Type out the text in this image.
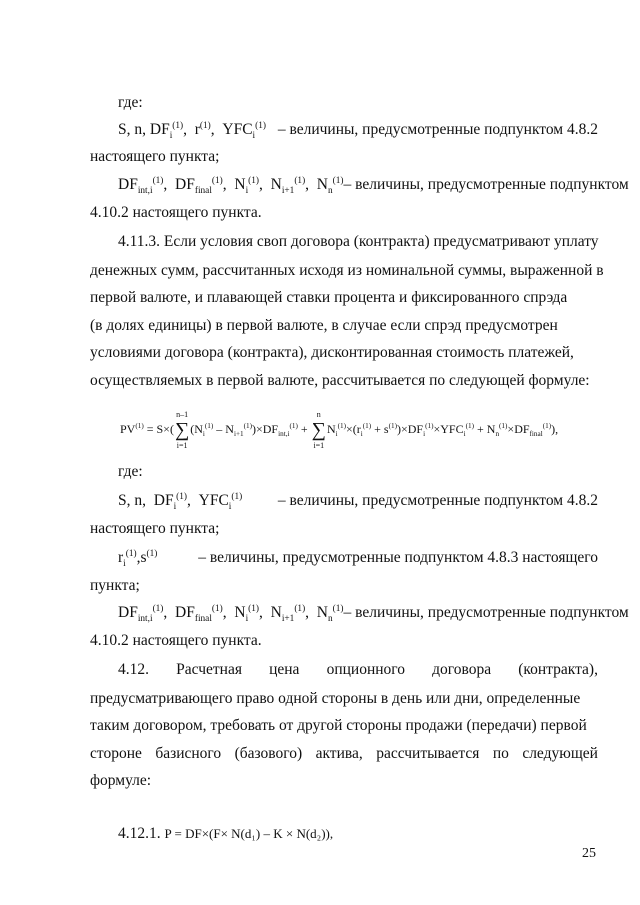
где:
S, n, $DF_i^{(1)}$,  $r^{(1)}$,  $YFC_i^{(1)}$ – величины, предусмотренные подпунктом 4.8.2
настоящего пункта;
$DF_{int,i}^{(1)}$,  $DF_{final}^{(1)}$,  $N_i^{(1)}$,  $N_{i+1}^{(1)}$,  $N_n^{(1)}$ – величины, предусмотренные подпунктом
4.10.2 настоящего пункта.
4.11.3. Если условия своп договора (контракта) предусматривают уплату
денежных сумм, рассчитанных исходя из номинальной суммы, выраженной в
первой валюте, и плавающей ставки процента и фиксированного спрэда
(в долях единицы) в первой валюте, в случае если спрэд предусмотрен
условиями договора (контракта), дисконтированная стоимость платежей,
осуществляемых в первой валюте, рассчитывается по следующей формуле:
$PV^{(1)} = S\times$(
n–1
∑
i=1
$(N_i^{(1)} - N_{i+1}^{(1)})\times DF_{int,i}^{(1)}$ +
n
∑
i=1
$N_i^{(1)}\times(r_i^{(1)} + s^{(1)})\times DF_i^{(1)}\times YFC_i^{(1)} + N_n^{(1)}\times DF_{final}^{(1)}$),
где:
S, n,  $DF_i^{(1)}$,  $YFC_i^{(1)}$ – величины, предусмотренные подпунктом 4.8.2
настоящего пункта;
$r_i^{(1)},s^{(1)}$	– величины, предусмотренные подпунктом 4.8.3 настоящего
пункта;
$DF_{int,i}^{(1)}$,  $DF_{final}^{(1)}$,  $N_i^{(1)}$,  $N_{i+1}^{(1)}$,  $N_n^{(1)}$ – величины, предусмотренные подпунктом
4.10.2 настоящего пункта.
4.12. Расчетная цена опционного договора (контракта),
предусматривающего право одной стороны в день или дни, определенные
таким договором, требовать от другой стороны продажи (передачи) первой
стороне базисного (базового) актива, рассчитывается по следующей
формуле:
4.12.1. P = DF×(F× N(d₁) – K × N(d₂)),
25
